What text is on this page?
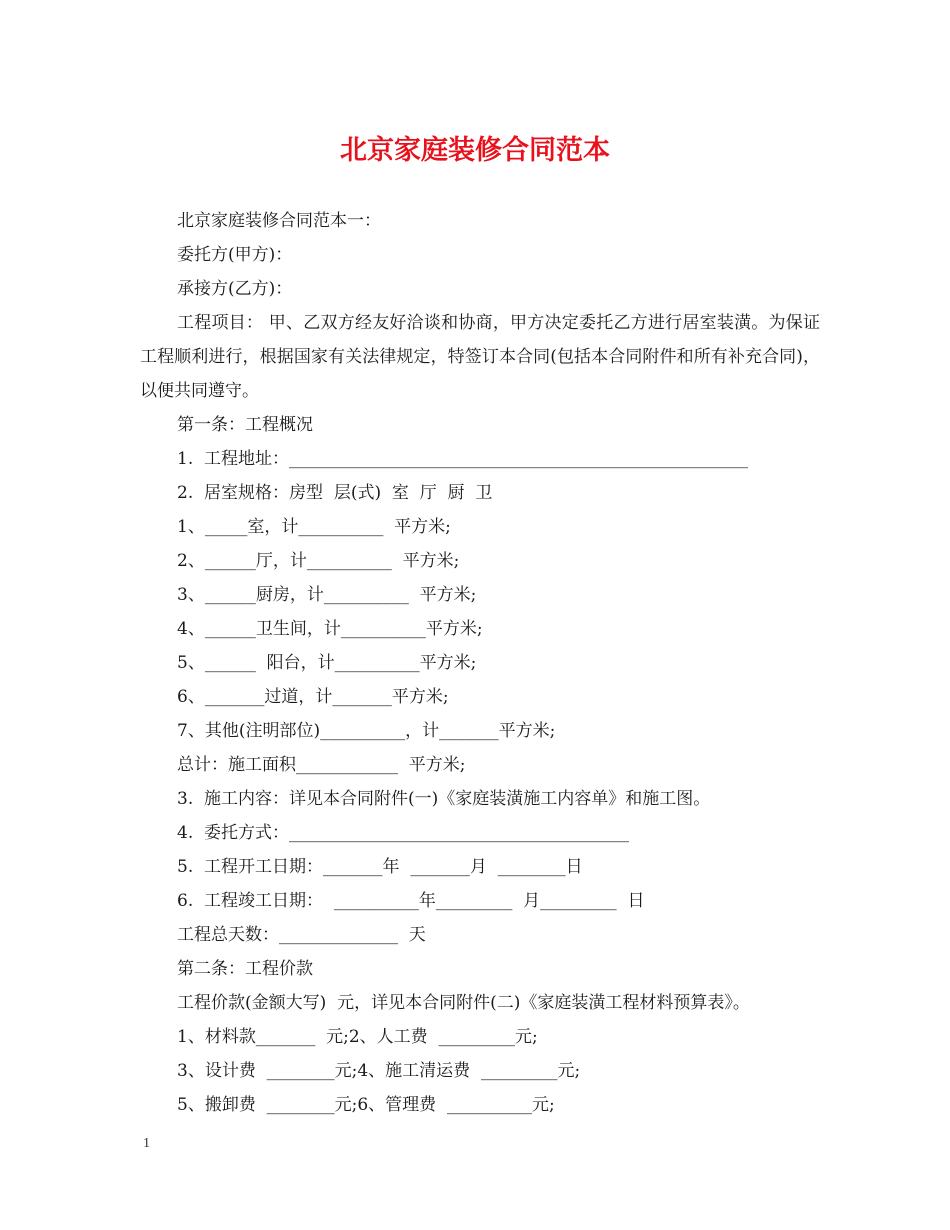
北京家庭装修合同范本
北京家庭装修合同范本一：
委托方(甲方)：
承接方(乙方)：
工程项目： 甲、乙双方经友好洽谈和协商，甲方决定委托乙方进行居室装潢。为保证工程顺利进行，根据国家有关法律规定，特签订本合同(包括本合同附件和所有补充合同)，以便共同遵守。
第一条：工程概况
1.  工程地址：______________________________________________________
2.  居室规格：房型  层(式)  室  厅  厨  卫
1、_____室，计__________  平方米;
2、______厅，计__________  平方米;
3、______厨房，计__________  平方米;
4、______卫生间，计__________平方米;
5、______  阳台，计__________平方米;
6、_______过道，计_______平方米;
7、其他(注明部位)__________，计_______平方米;
总计：施工面积____________  平方米;
3.  施工内容：详见本合同附件(一)《家庭装潢施工内容单》和施工图。
4.  委托方式：________________________________________
5.  工程开工日期：_______年  _______月  ________日
6.  工程竣工日期：  __________年_________  月_________  日
工程总天数：______________  天
第二条：工程价款
工程价款(金额大写)  元，详见本合同附件(二)《家庭装潢工程材料预算表》。
1、材料款_______  元;2、人工费  _________元;
3、设计费  ________元;4、施工清运费  _________元;
5、搬卸费  ________元;6、管理费  __________元;
1
